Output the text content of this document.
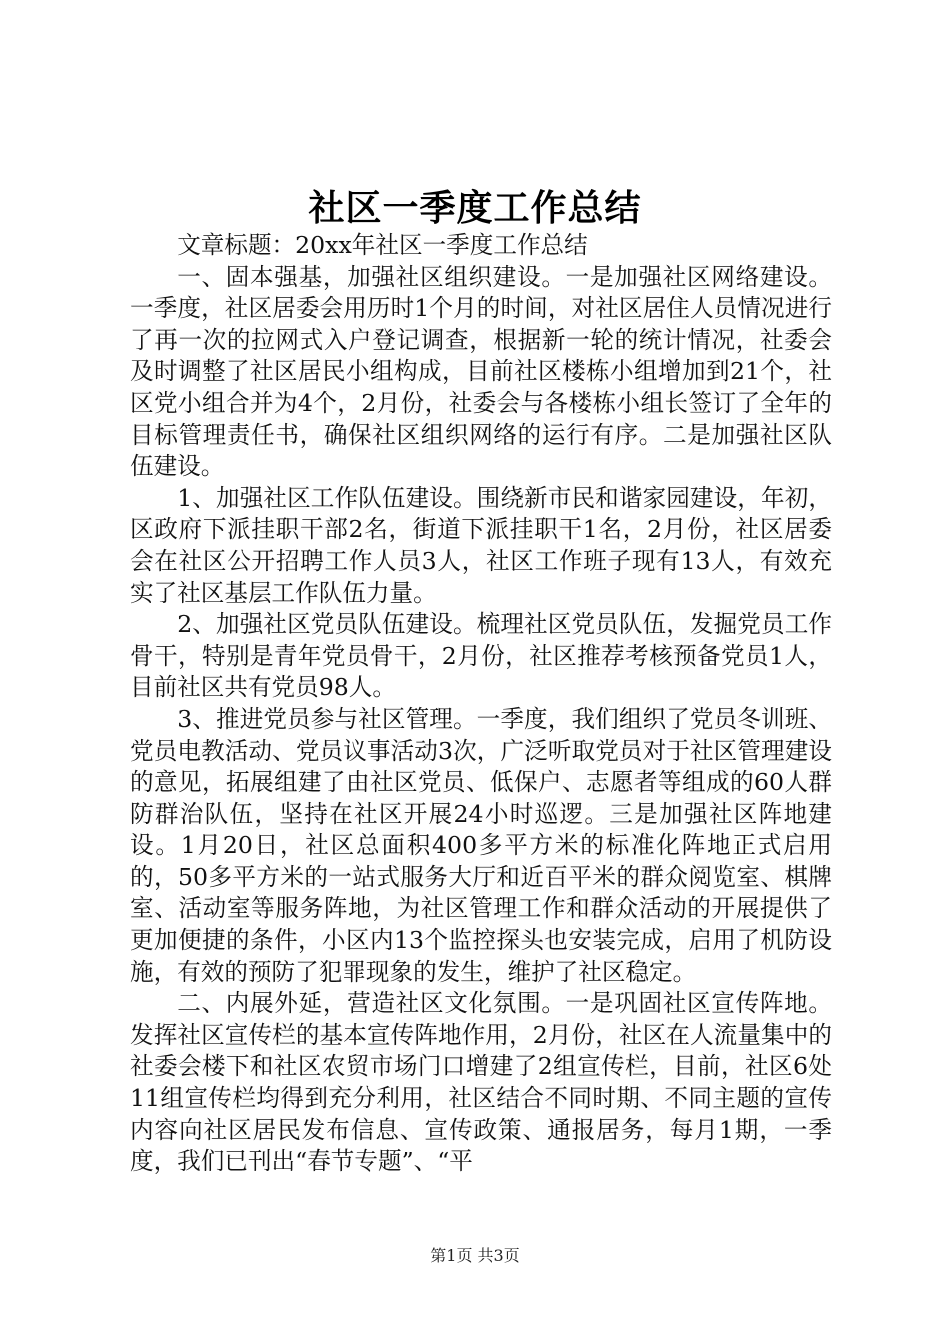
社区一季度工作总结

文章标题：20xx年社区一季度工作总结

一、固本强基，加强社区组织建设。一是加强社区网络建设。一季度，社区居委会用历时1个月的时间，对社区居住人员情况进行了再一次的拉网式入户登记调查，根据新一轮的统计情况，社委会及时调整了社区居民小组构成，目前社区楼栋小组增加到21个，社区党小组合并为4个，2月份，社委会与各楼栋小组长签订了全年的目标管理责任书，确保社区组织网络的运行有序。二是加强社区队伍建设。

1、加强社区工作队伍建设。围绕新市民和谐家园建设，年初，区政府下派挂职干部2名，街道下派挂职干1名，2月份，社区居委会在社区公开招聘工作人员3人，社区工作班子现有13人，有效充实了社区基层工作队伍力量。

2、加强社区党员队伍建设。梳理社区党员队伍，发掘党员工作骨干，特别是青年党员骨干，2月份，社区推荐考核预备党员1人，目前社区共有党员98人。

3、推进党员参与社区管理。一季度，我们组织了党员冬训班、党员电教活动、党员议事活动3次，广泛听取党员对于社区管理建设的意见，拓展组建了由社区党员、低保户、志愿者等组成的60人群防群治队伍，坚持在社区开展24小时巡逻。三是加强社区阵地建设。1月20日，社区总面积400多平方米的标准化阵地正式启用的，50多平方米的一站式服务大厅和近百平米的群众阅览室、棋牌室、活动室等服务阵地，为社区管理工作和群众活动的开展提供了更加便捷的条件，小区内13个监控探头也安装完成，启用了机防设施，有效的预防了犯罪现象的发生，维护了社区稳定。

二、内展外延，营造社区文化氛围。一是巩固社区宣传阵地。发挥社区宣传栏的基本宣传阵地作用，2月份，社区在人流量集中的社委会楼下和社区农贸市场门口增建了2组宣传栏，目前，社区6处11组宣传栏均得到充分利用，社区结合不同时期、不同主题的宣传内容向社区居民发布信息、宣传政策、通报居务，每月1期，一季度，我们已刊出“春节专题”、“平

第1页 共3页
